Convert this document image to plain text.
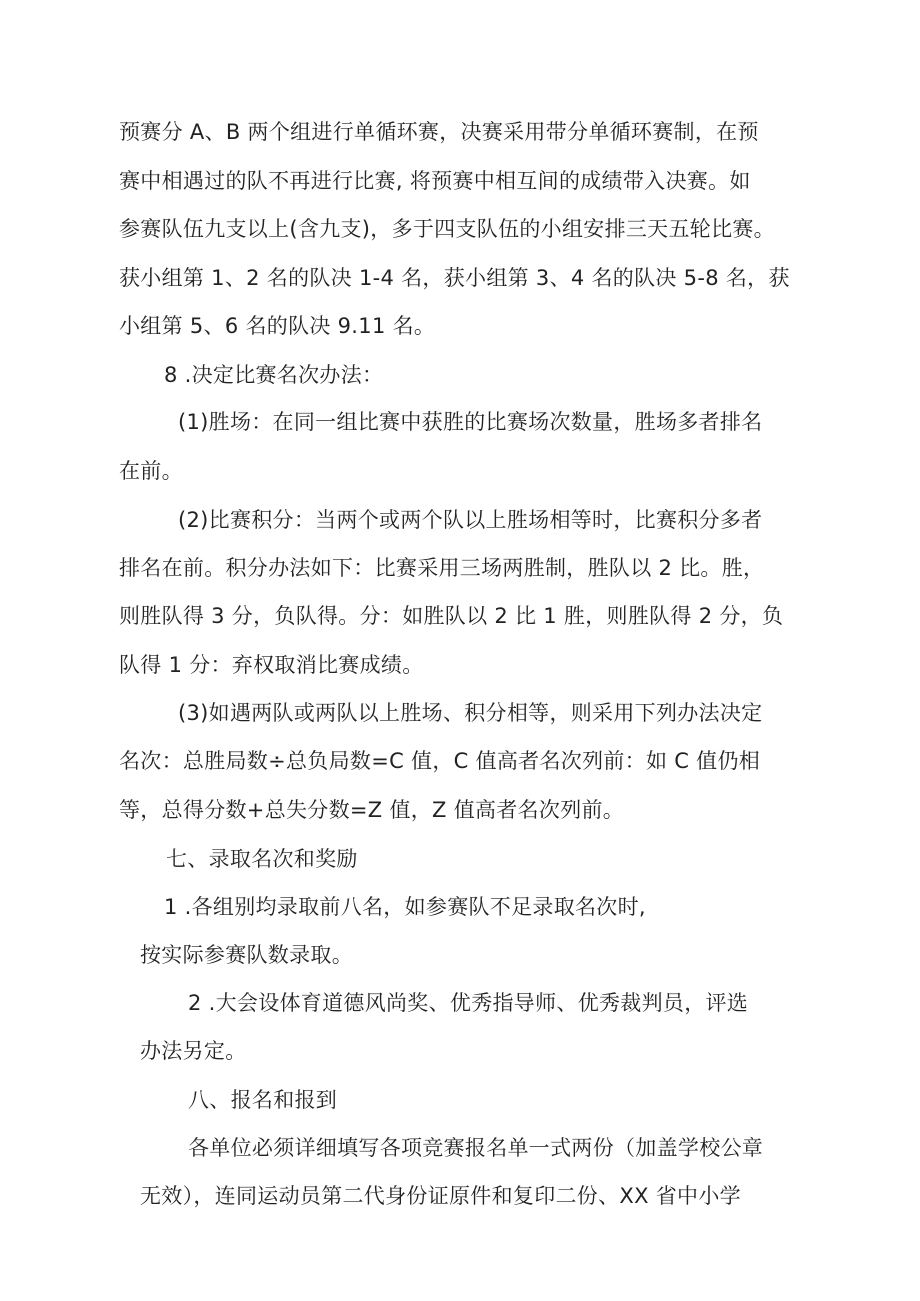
预赛分 A、B 两个组进行单循环赛，决赛采用带分单循环赛制，在预
赛中相遇过的队不再进行比赛, 将预赛中相互间的成绩带入决赛。如
参赛队伍九支以上(含九支)，多于四支队伍的小组安排三天五轮比赛。
获小组第 1、2 名的队决 1-4 名，获小组第 3、4 名的队决 5-8 名，获
小组第 5、6 名的队决 9.11 名。
8 .决定比赛名次办法：
(1)胜场：在同一组比赛中获胜的比赛场次数量，胜场多者排名
在前。
(2)比赛积分：当两个或两个队以上胜场相等时，比赛积分多者
排名在前。积分办法如下：比赛采用三场两胜制，胜队以 2 比。胜，
则胜队得 3 分，负队得。分：如胜队以 2 比 1 胜，则胜队得 2 分，负
队得 1 分：弃权取消比赛成绩。
(3)如遇两队或两队以上胜场、积分相等，则采用下列办法决定
名次：总胜局数÷总负局数=C 值，C 值高者名次列前：如 C 值仍相
等，总得分数+总失分数=Z 值，Z 值高者名次列前。
七、录取名次和奖励
1 .各组别均录取前八名，如参赛队不足录取名次时,
按实际参赛队数录取。
2 .大会设体育道德风尚奖、优秀指导师、优秀裁判员，评选
办法另定。
八、报名和报到
各单位必须详细填写各项竞赛报名单一式两份（加盖学校公章
无效），连同运动员第二代身份证原件和复印二份、XX 省中小学
